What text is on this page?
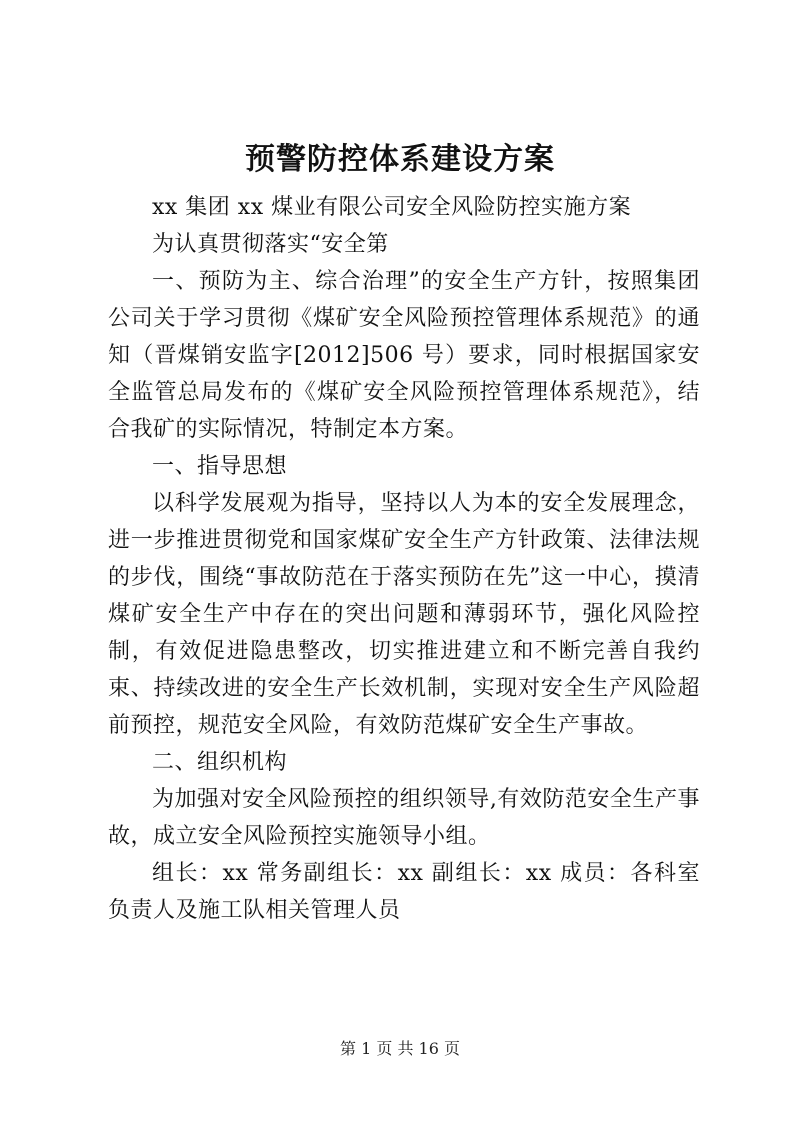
预警防控体系建设方案

xx 集团 xx 煤业有限公司安全风险防控实施方案

为认真贯彻落实“安全第

一、预防为主、综合治理”的安全生产方针，按照集团公司关于学习贯彻《煤矿安全风险预控管理体系规范》的通知（晋煤销安监字[2012]506 号）要求，同时根据国家安全监管总局发布的《煤矿安全风险预控管理体系规范》，结合我矿的实际情况，特制定本方案。

一、指导思想

以科学发展观为指导，坚持以人为本的安全发展理念，进一步推进贯彻党和国家煤矿安全生产方针政策、法律法规的步伐，围绕“事故防范在于落实预防在先”这一中心，摸清煤矿安全生产中存在的突出问题和薄弱环节，强化风险控制，有效促进隐患整改，切实推进建立和不断完善自我约束、持续改进的安全生产长效机制，实现对安全生产风险超前预控，规范安全风险，有效防范煤矿安全生产事故。

二、组织机构

为加强对安全风险预控的组织领导,有效防范安全生产事故，成立安全风险预控实施领导小组。

组长：xx 常务副组长：xx 副组长：xx 成员：各科室负责人及施工队相关管理人员

第 1 页 共 16 页
